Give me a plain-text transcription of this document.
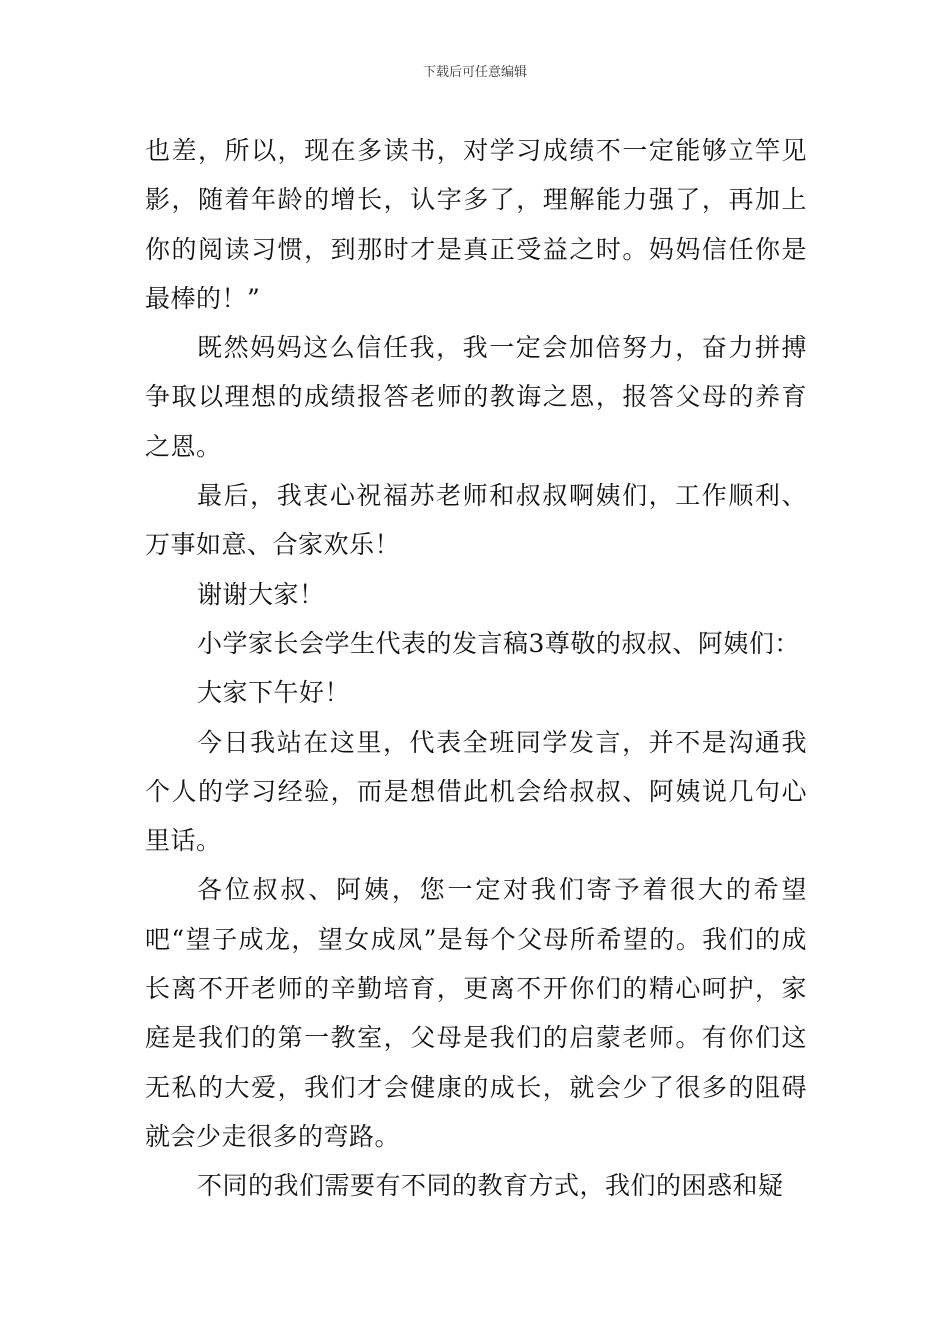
下载后可任意编辑

也差，所以，现在多读书，对学习成绩不一定能够立竿见影，随着年龄的增长，认字多了，理解能力强了，再加上你的阅读习惯，到那时才是真正受益之时。妈妈信任你是最棒的！”

既然妈妈这么信任我，我一定会加倍努力，奋力拼搏争取以理想的成绩报答老师的教诲之恩，报答父母的养育之恩。

最后，我衷心祝福苏老师和叔叔啊姨们，工作顺利、万事如意、合家欢乐！

谢谢大家！

小学家长会学生代表的发言稿3尊敬的叔叔、阿姨们：

大家下午好！

今日我站在这里，代表全班同学发言，并不是沟通我个人的学习经验，而是想借此机会给叔叔、阿姨说几句心里话。

各位叔叔、阿姨，您一定对我们寄予着很大的希望吧“望子成龙，望女成凤”是每个父母所希望的。我们的成长离不开老师的辛勤培育，更离不开你们的精心呵护，家庭是我们的第一教室，父母是我们的启蒙老师。有你们这无私的大爱，我们才会健康的成长，就会少了很多的阻碍就会少走很多的弯路。

不同的我们需要有不同的教育方式，我们的困惑和疑
